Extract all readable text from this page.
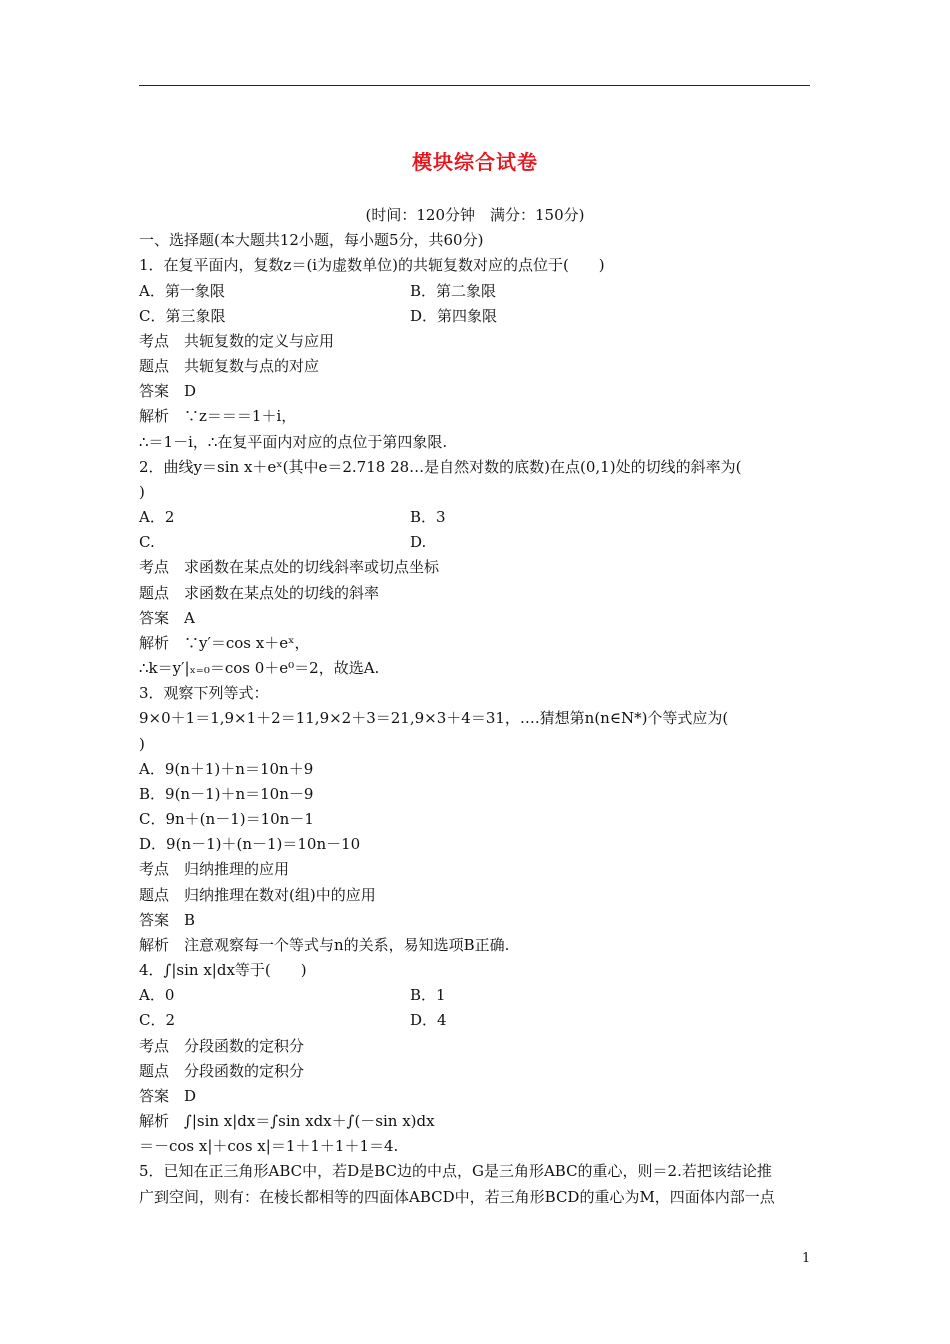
模块综合试卷
(时间：120分钟　满分：150分)
一、选择题(本大题共12小题，每小题5分，共60分)
1．在复平面内，复数z＝(i为虚数单位)的共轭复数对应的点位于(　　)
A．第一象限	B．第二象限
C．第三象限	D．第四象限
考点　共轭复数的定义与应用
题点　共轭复数与点的对应
答案　D
解析　∵z＝＝＝1＋i，
∴＝1－i，∴在复平面内对应的点位于第四象限.
2．曲线y＝sin x＋eˣ(其中e＝2.718 28…是自然对数的底数)在点(0,1)处的切线的斜率为(
)
A．2	B．3
C.	D.
考点　求函数在某点处的切线斜率或切点坐标
题点　求函数在某点处的切线的斜率
答案　A
解析　∵y′＝cos x＋eˣ，
∴k＝y′|ₓ₌₀＝cos 0＋e⁰＝2，故选A.
3．观察下列等式：
9×0＋1＝1,9×1＋2＝11,9×2＋3＝21,9×3＋4＝31，….猜想第n(n∈N*)个等式应为(
)
A．9(n＋1)＋n＝10n＋9
B．9(n－1)＋n＝10n－9
C．9n＋(n－1)＝10n－1
D．9(n－1)＋(n－1)＝10n－10
考点　归纳推理的应用
题点　归纳推理在数对(组)中的应用
答案　B
解析　注意观察每一个等式与n的关系，易知选项B正确.
4．∫|sin x|dx等于(　　)
A．0	B．1
C．2	D．4
考点　分段函数的定积分
题点　分段函数的定积分
答案　D
解析　∫|sin x|dx＝∫sin xdx＋∫(－sin x)dx
＝－cos x|＋cos x|＝1＋1＋1＋1＝4.
5．已知在正三角形ABC中，若D是BC边的中点，G是三角形ABC的重心，则＝2.若把该结论推
广到空间，则有：在棱长都相等的四面体ABCD中，若三角形BCD的重心为M，四面体内部一点
1
